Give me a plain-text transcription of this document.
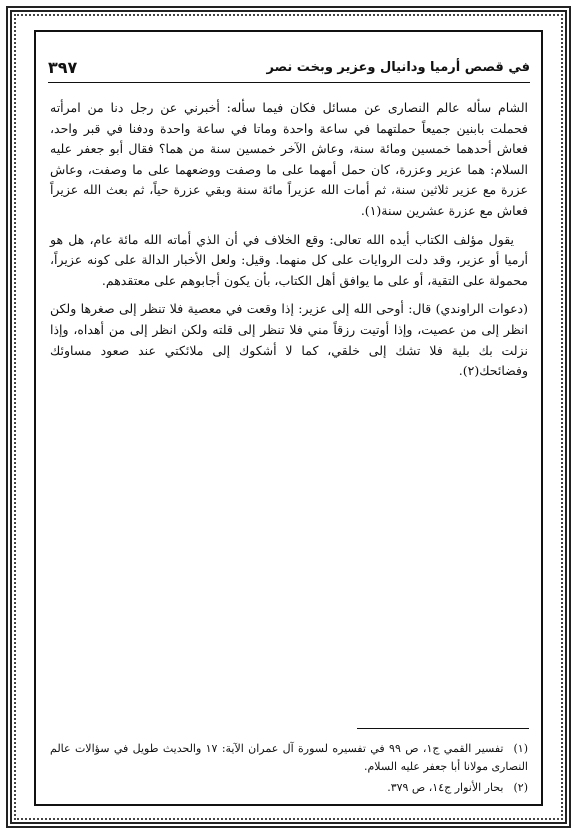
في قصص أرميا ودانيال وعزير وبخت نصر
٣٩٧

الشام سأله عالم النصارى عن مسائل فكان فيما سأله: أخبرني عن رجل دنا من امرأته فحملت بابنين جميعاً حملتهما في ساعة واحدة وماتا في ساعة واحدة ودفنا في قبر واحد، فعاش أحدهما خمسين ومائة سنة، وعاش الآخر خمسين سنة من هما؟ فقال أبو جعفر عليه السلام: هما عزير وعزرة، كان حمل أمهما على ما وصفت ووضعهما على ما وصفت، وعاش عزرة مع عزير ثلاثين سنة، ثم أمات الله عزيراً مائة سنة وبقي عزرة حياً، ثم بعث الله عزيراً فعاش مع عزرة عشرين سنة(١).

يقول مؤلف الكتاب أيده الله تعالى: وقع الخلاف في أن الذي أماته الله مائة عام، هل هو أرميا أو عزير، وقد دلت الروايات على كل منهما. وقيل: ولعل الأخبار الدالة على كونه عزيراً، محمولة على التقية، أو على ما يوافق أهل الكتاب، بأن يكون أجابوهم على معتقدهم.

(دعوات الراوندي) قال: أوحى الله إلى عزير: إذا وقعت في معصية فلا تنظر إلى صغرها ولكن انظر إلى من عصيت، وإذا أوتيت رزقاً مني فلا تنظر إلى قلته ولكن انظر إلى من أهداه، وإذا نزلت بك بلية فلا تشك إلى خلقي، كما لا أشكوك إلى ملائكتي عند صعود مساوئك وفضائحك(٢).

(١)تفسير القمي ج١، ص ٩٩ في تفسيره لسورة آل عمران الآية: ١٧ والحديث طويل في سؤالات عالم النصارى مولانا أبا جعفر عليه السلام.
(٢)بحار الأنوار ج١٤، ص ٣٧٩.
